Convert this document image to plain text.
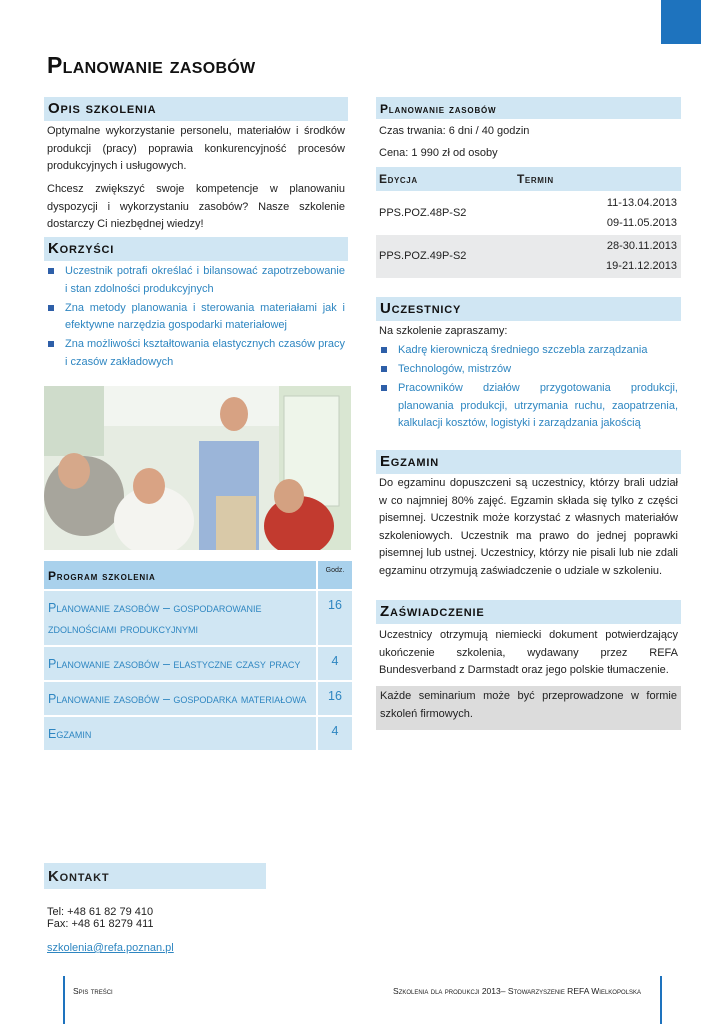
Planowanie zasobów
Opis szkolenia

Optymalne wykorzystanie personelu, materiałów i środków produkcji (pracy) poprawia konkurencyjność procesów produkcyjnych i usługowych.

Chcesz zwiększyć swoje kompetencje w planowaniu dyspozycji i wykorzystaniu zasobów? Nasze szkolenie dostarczy Ci niezbędnej wiedzy!

Korzyści
Uczestnik potrafi określać i bilansować zapotrzebowanie i stan zdolności produkcyjnych
Zna metody planowania i sterowania materiałami jak i efektywne narzędzia gospodarki materiałowej
Zna możliwości kształtowania elastycznych czasów pracy i czasów zakładowych
Program szkolenia	Godz.
Planowanie zasobów – gospodarowanie zdolnościami produkcyjnymi
16
Planowanie zasobów – elastyczne czasy pracy	4
Planowanie zasobów – gospodarka materiałowa	16
Egzamin	4
Kontakt
Tel: +48 61 82 79 410
Fax: +48 61 8279 411
szkolenia@refa.poznan.pl
Planowanie zasobów

Czas trwania: 6 dni / 40 godzin

Cena: 1 990 zł od osoby

Edycja	Termin
PPS.POZ.48P-S2
11-13.04.2013
09-11.05.2013
PPS.POZ.49P-S2
28-30.11.2013
19-21.12.2013
Uczestnicy

Na szkolenie zapraszamy:

Kadrę kierowniczą średniego szczebla zarządzania
Technologów, mistrzów
Pracowników działów przygotowania produkcji, planowania produkcji, utrzymania ruchu, zaopatrzenia, kalkulacji kosztów, logistyki i zarządzania jakością
Egzamin

Do egzaminu dopuszczeni są uczestnicy, którzy brali udział w co najmniej 80% zajęć. Egzamin składa się tylko z części pisemnej. Uczestnik może korzystać z własnych materiałów szkoleniowych. Uczestnik ma prawo do jednej poprawki pisemnej lub ustnej. Uczestnicy, którzy nie pisali lub nie zdali egzaminu otrzymują zaświadczenie o udziale w szkoleniu.

Zaświadczenie

Uczestnicy otrzymują niemiecki dokument potwierdzający ukończenie szkolenia, wydawany przez REFA Bundesverband z Darmstadt oraz jego polskie tłumaczenie.

Każde seminarium może być przeprowadzone w formie szkoleń firmowych.
Spis treści	Szkolenia dla produkcji 2013– Stowarzyszenie REFA Wielkopolska
